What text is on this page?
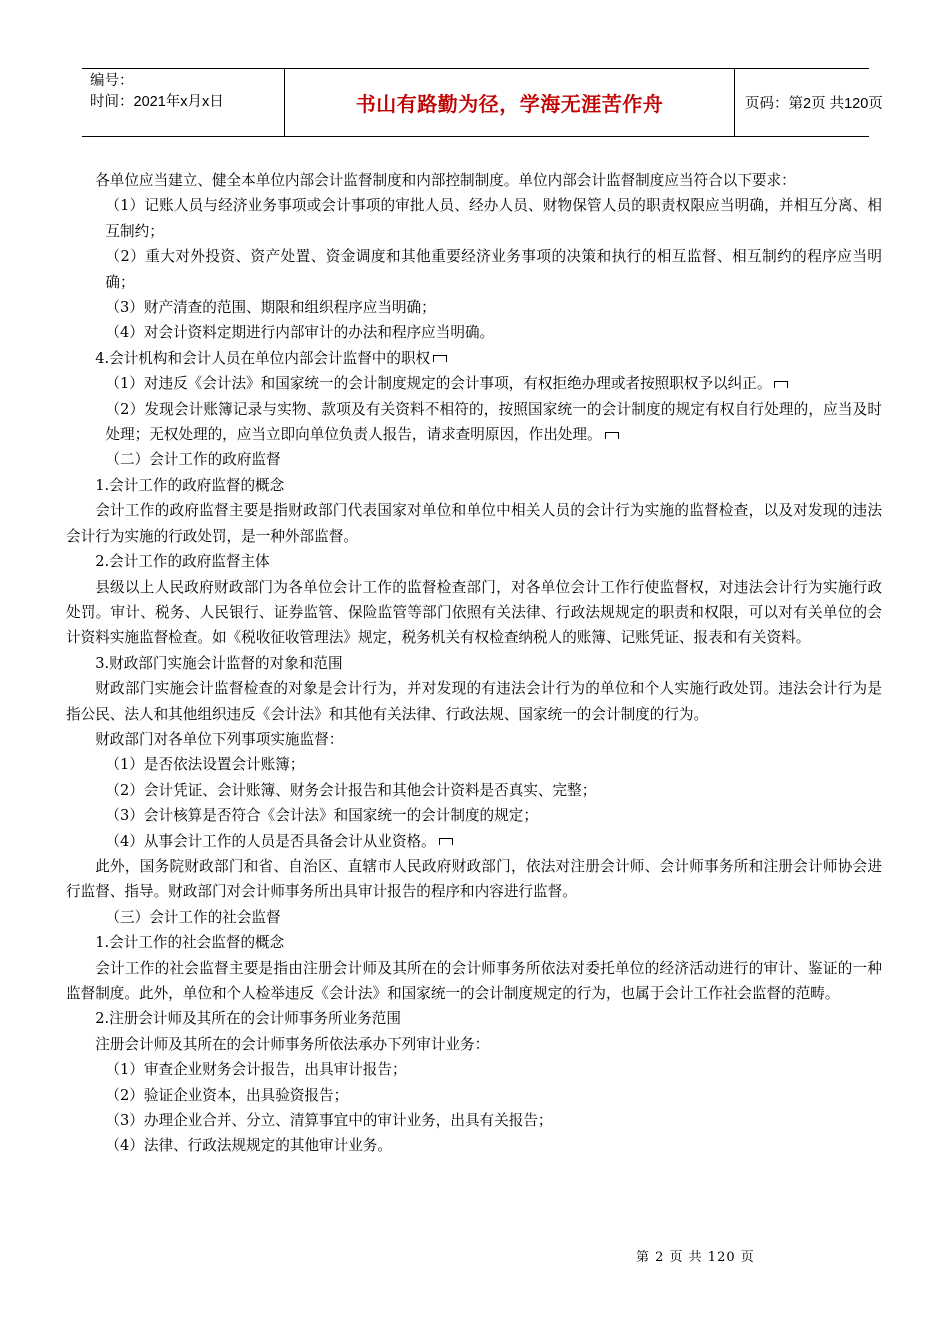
编号：
时间：2021年x月x日	书山有路勤为径，学海无涯苦作舟	页码：第2页 共120页

各单位应当建立、健全本单位内部会计监督制度和内部控制制度。单位内部会计监督制度应当符合以下要求：

（1）记账人员与经济业务事项或会计事项的审批人员、经办人员、财物保管人员的职责权限应当明确，并相互分离、相互制约；

（2）重大对外投资、资产处置、资金调度和其他重要经济业务事项的决策和执行的相互监督、相互制约的程序应当明确；

（3）财产清查的范围、期限和组织程序应当明确；

（4）对会计资料定期进行内部审计的办法和程序应当明确。

4.会计机构和会计人员在单位内部会计监督中的职权

（1）对违反《会计法》和国家统一的会计制度规定的会计事项，有权拒绝办理或者按照职权予以纠正。

（2）发现会计账簿记录与实物、款项及有关资料不相符的，按照国家统一的会计制度的规定有权自行处理的，应当及时处理；无权处理的，应当立即向单位负责人报告，请求查明原因，作出处理。

（二）会计工作的政府监督

1.会计工作的政府监督的概念

会计工作的政府监督主要是指财政部门代表国家对单位和单位中相关人员的会计行为实施的监督检查，以及对发现的违法会计行为实施的行政处罚，是一种外部监督。

2.会计工作的政府监督主体

县级以上人民政府财政部门为各单位会计工作的监督检查部门，对各单位会计工作行使监督权，对违法会计行为实施行政处罚。审计、税务、人民银行、证券监管、保险监管等部门依照有关法律、行政法规规定的职责和权限，可以对有关单位的会计资料实施监督检查。如《税收征收管理法》规定，税务机关有权检查纳税人的账簿、记账凭证、报表和有关资料。

3.财政部门实施会计监督的对象和范围

财政部门实施会计监督检查的对象是会计行为，并对发现的有违法会计行为的单位和个人实施行政处罚。违法会计行为是指公民、法人和其他组织违反《会计法》和其他有关法律、行政法规、国家统一的会计制度的行为。

财政部门对各单位下列事项实施监督：

（1）是否依法设置会计账簿；

（2）会计凭证、会计账簿、财务会计报告和其他会计资料是否真实、完整；

（3）会计核算是否符合《会计法》和国家统一的会计制度的规定；

（4）从事会计工作的人员是否具备会计从业资格。

此外，国务院财政部门和省、自治区、直辖市人民政府财政部门，依法对注册会计师、会计师事务所和注册会计师协会进行监督、指导。财政部门对会计师事务所出具审计报告的程序和内容进行监督。

（三）会计工作的社会监督

1.会计工作的社会监督的概念

会计工作的社会监督主要是指由注册会计师及其所在的会计师事务所依法对委托单位的经济活动进行的审计、鉴证的一种监督制度。此外，单位和个人检举违反《会计法》和国家统一的会计制度规定的行为，也属于会计工作社会监督的范畴。

2.注册会计师及其所在的会计师事务所业务范围

注册会计师及其所在的会计师事务所依法承办下列审计业务：

（1）审查企业财务会计报告，出具审计报告；

（2）验证企业资本，出具验资报告；

（3）办理企业合并、分立、清算事宜中的审计业务，出具有关报告；

（4）法律、行政法规规定的其他审计业务。

第 2 页 共 120 页
